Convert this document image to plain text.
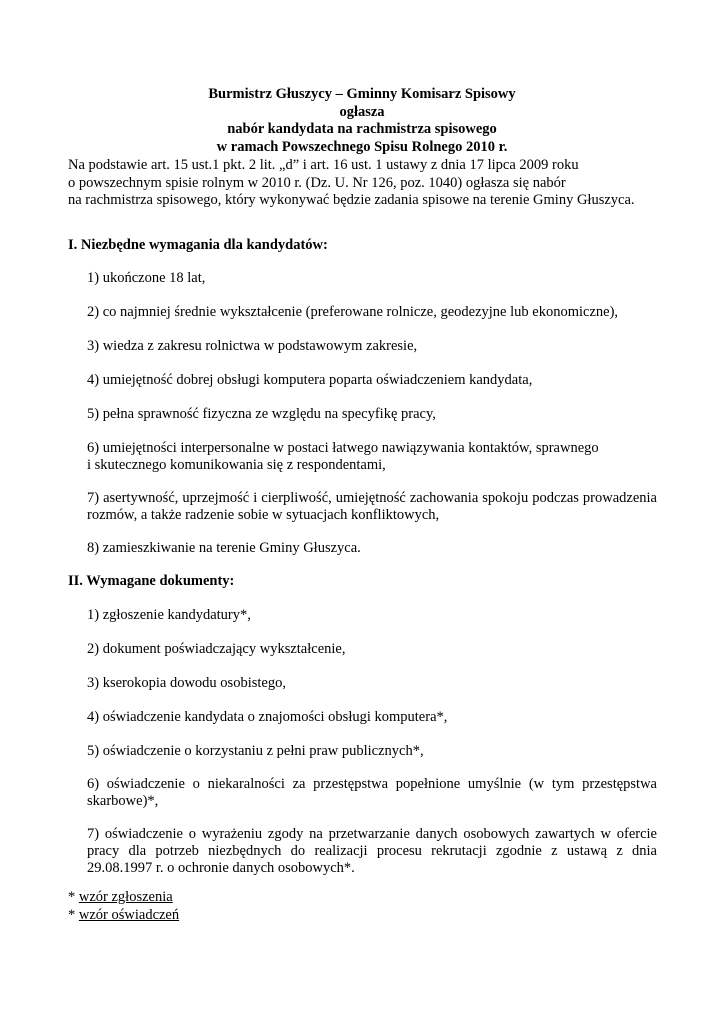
Burmistrz Głuszycy – Gminny Komisarz Spisowy
ogłasza
nabór kandydata na rachmistrza spisowego
w ramach Powszechnego Spisu Rolnego 2010 r.
Na podstawie art. 15 ust.1 pkt. 2 lit. „d” i art. 16 ust. 1 ustawy z dnia 17 lipca 2009 roku
o powszechnym spisie rolnym w 2010 r. (Dz. U. Nr 126, poz. 1040) ogłasza się nabór
na rachmistrza spisowego, który wykonywać będzie zadania spisowe na terenie Gminy Głuszyca.
I. Niezbędne wymagania dla kandydatów:
1) ukończone 18 lat,
2) co najmniej średnie wykształcenie (preferowane rolnicze, geodezyjne lub ekonomiczne),
3) wiedza z zakresu rolnictwa w podstawowym zakresie,
4) umiejętność dobrej obsługi komputera poparta oświadczeniem kandydata,
5) pełna sprawność fizyczna ze względu na specyfikę pracy,
6) umiejętności interpersonalne w postaci łatwego nawiązywania kontaktów, sprawnego
i skutecznego komunikowania się z respondentami,
7) asertywność, uprzejmość i cierpliwość, umiejętność zachowania spokoju podczas prowadzenia rozmów, a także radzenie sobie w sytuacjach konfliktowych,
8) zamieszkiwanie na terenie Gminy Głuszyca.
II. Wymagane dokumenty:
1) zgłoszenie kandydatury*,
2) dokument poświadczający wykształcenie,
3) kserokopia dowodu osobistego,
4) oświadczenie kandydata o znajomości obsługi komputera*,
5) oświadczenie o korzystaniu z pełni praw publicznych*,
6) oświadczenie o niekaralności za przestępstwa popełnione umyślnie (w tym przestępstwa skarbowe)*,
7) oświadczenie o wyrażeniu zgody na przetwarzanie danych osobowych zawartych w ofercie pracy dla potrzeb niezbędnych do realizacji procesu rekrutacji zgodnie z ustawą z dnia 29.08.1997 r. o ochronie danych osobowych*.
* wzór zgłoszenia
* wzór oświadczeń
